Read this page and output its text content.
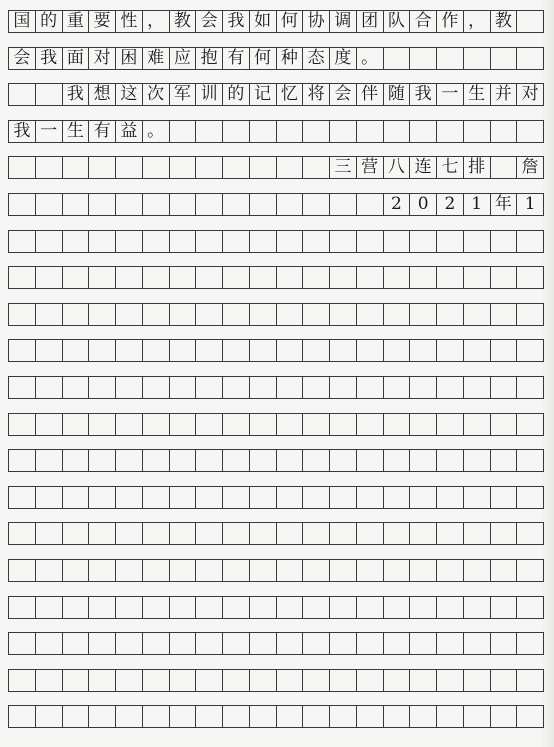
国 的 重 要 性 ， 教 会 我 如 何 协 调 团 队 合 作 ， 教
会 我 面 对 困 难 应 抱 有 何 种 态 度 。
我 想 这 次 军 训 的 记 忆 将 会 伴 随 我 一 生 并 对
我 一 生 有 益 。
三 营 八 连 七 排	詹
2 0 2 1 年 1
